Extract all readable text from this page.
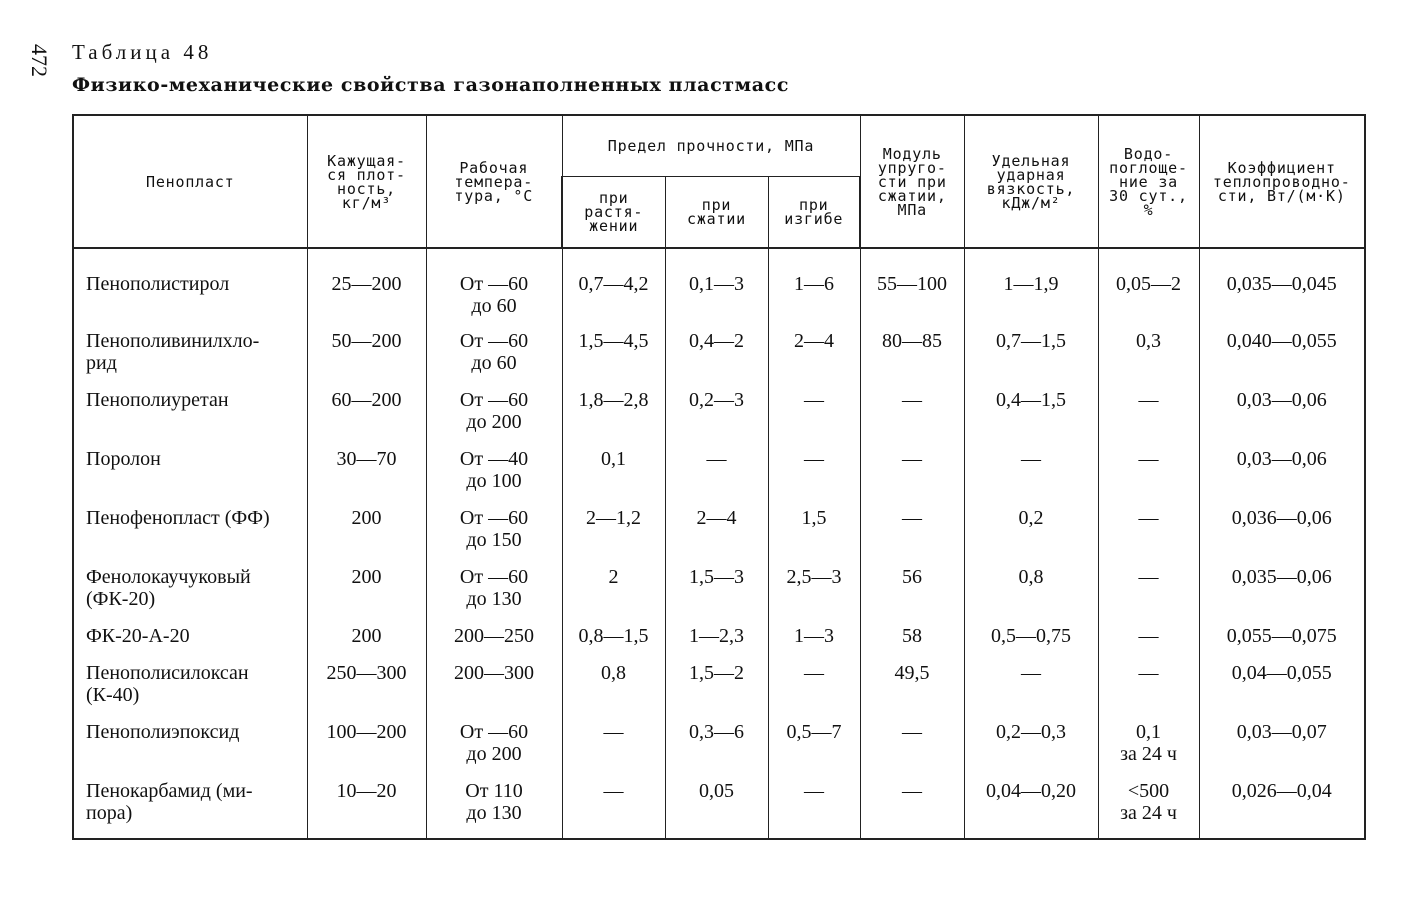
472 Таблица 48
Физико-механические свойства газонаполненных пластмасс
Пенопласт	Кажущая-
ся плот-
ность,
кг/м³	Рабочая
темпера-
тура, °C	Предел прочности, МПа			Модуль
упруго-
сти при
сжатии,
МПа	Удельная
ударная
вязкость,
кДж/м²	Водо-
поглоще-
ние за
30 сут.,
%	Коэффициент
теплопроводно-
сти, Вт/(м·К)
			при
растя-
жении	при
сжатии	при
изгибе				
Пенополистирол	25—200	От —60
до 60	0,7—4,2	0,1—3	1—6	55—100	1—1,9	0,05—2	0,035—0,045
Пенополивинилхло-
рид	50—200	От —60
до 60	1,5—4,5	0,4—2	2—4	80—85	0,7—1,5	0,3	0,040—0,055
Пенополиуретан	60—200	От —60
до 200	1,8—2,8	0,2—3	—	—	0,4—1,5	—	0,03—0,06
Поролон	30—70	От —40
до 100	0,1	—	—	—	—	—	0,03—0,06
Пенофенопласт (ФФ)	200	От —60
до 150	2—1,2	2—4	1,5	—	0,2	—	0,036—0,06
Фенолокаучуковый
(ФК-20)	200	От —60
до 130	2	1,5—3	2,5—3	56	0,8	—	0,035—0,06
ФК-20-А-20	200	200—250	0,8—1,5	1—2,3	1—3	58	0,5—0,75	—	0,055—0,075
Пенополисилоксан
(К-40)	250—300	200—300	0,8	1,5—2	—	49,5	—	—	0,04—0,055
Пенополиэпоксид	100—200	От —60
до 200	—	0,3—6	0,5—7	—	0,2—0,3	0,1
за 24 ч	0,03—0,07
Пенокарбамид (ми-
пора)	10—20	От 110
до 130	—	0,05	—	—	0,04—0,20	<500
за 24 ч	0,026—0,04
